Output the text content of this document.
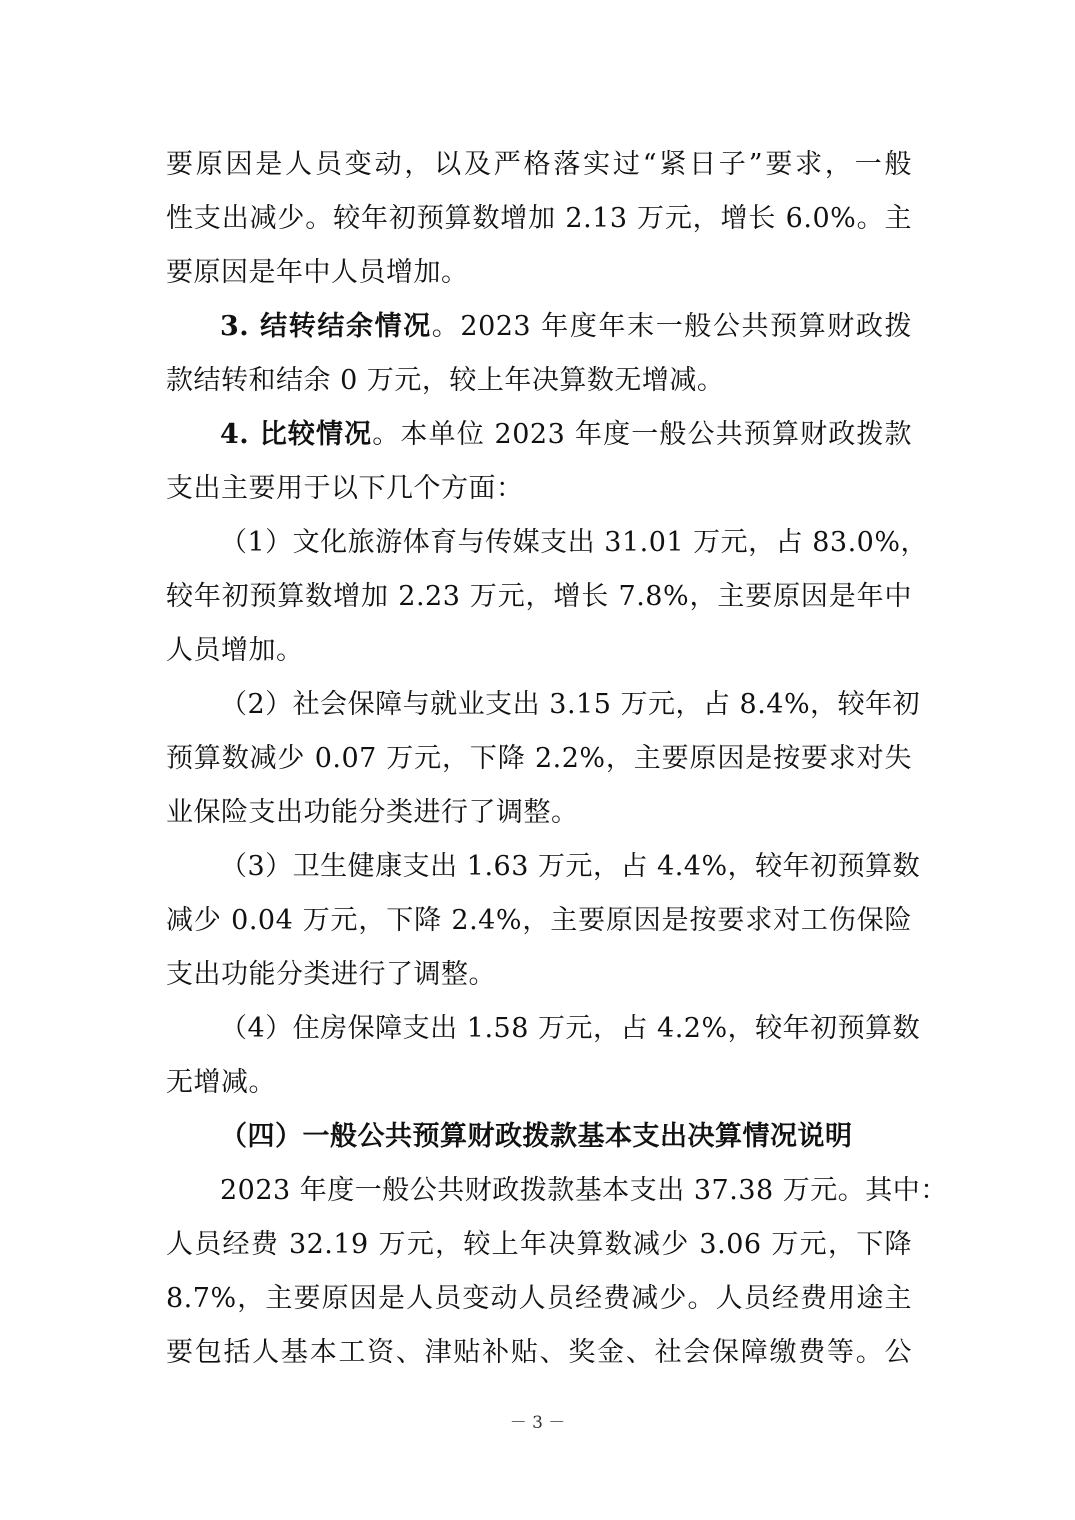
要原因是人员变动，以及严格落实过“紧日子”要求，一般
性支出减少。较年初预算数增加 2.13 万元，增长 6.0%。主
要原因是年中人员增加。
3. 结转结余情况。2023 年度年末一般公共预算财政拨
款结转和结余 0 万元，较上年决算数无增减。
4. 比较情况。本单位 2023 年度一般公共预算财政拨款
支出主要用于以下几个方面：
（1）文化旅游体育与传媒支出 31.01 万元，占 83.0%，
较年初预算数增加 2.23 万元，增长 7.8%，主要原因是年中
人员增加。
（2）社会保障与就业支出 3.15 万元，占 8.4%，较年初
预算数减少 0.07 万元，下降 2.2%，主要原因是按要求对失
业保险支出功能分类进行了调整。
（3）卫生健康支出 1.63 万元，占 4.4%，较年初预算数
减少 0.04 万元，下降 2.4%，主要原因是按要求对工伤保险
支出功能分类进行了调整。
（4）住房保障支出 1.58 万元，占 4.2%，较年初预算数
无增减。
（四）一般公共预算财政拨款基本支出决算情况说明
2023 年度一般公共财政拨款基本支出 37.38 万元。其中：
人员经费 32.19 万元，较上年决算数减少 3.06 万元，下降
8.7%，主要原因是人员变动人员经费减少。人员经费用途主
要包括人基本工资、津贴补贴、奖金、社会保障缴费等。公
－ 3 －
